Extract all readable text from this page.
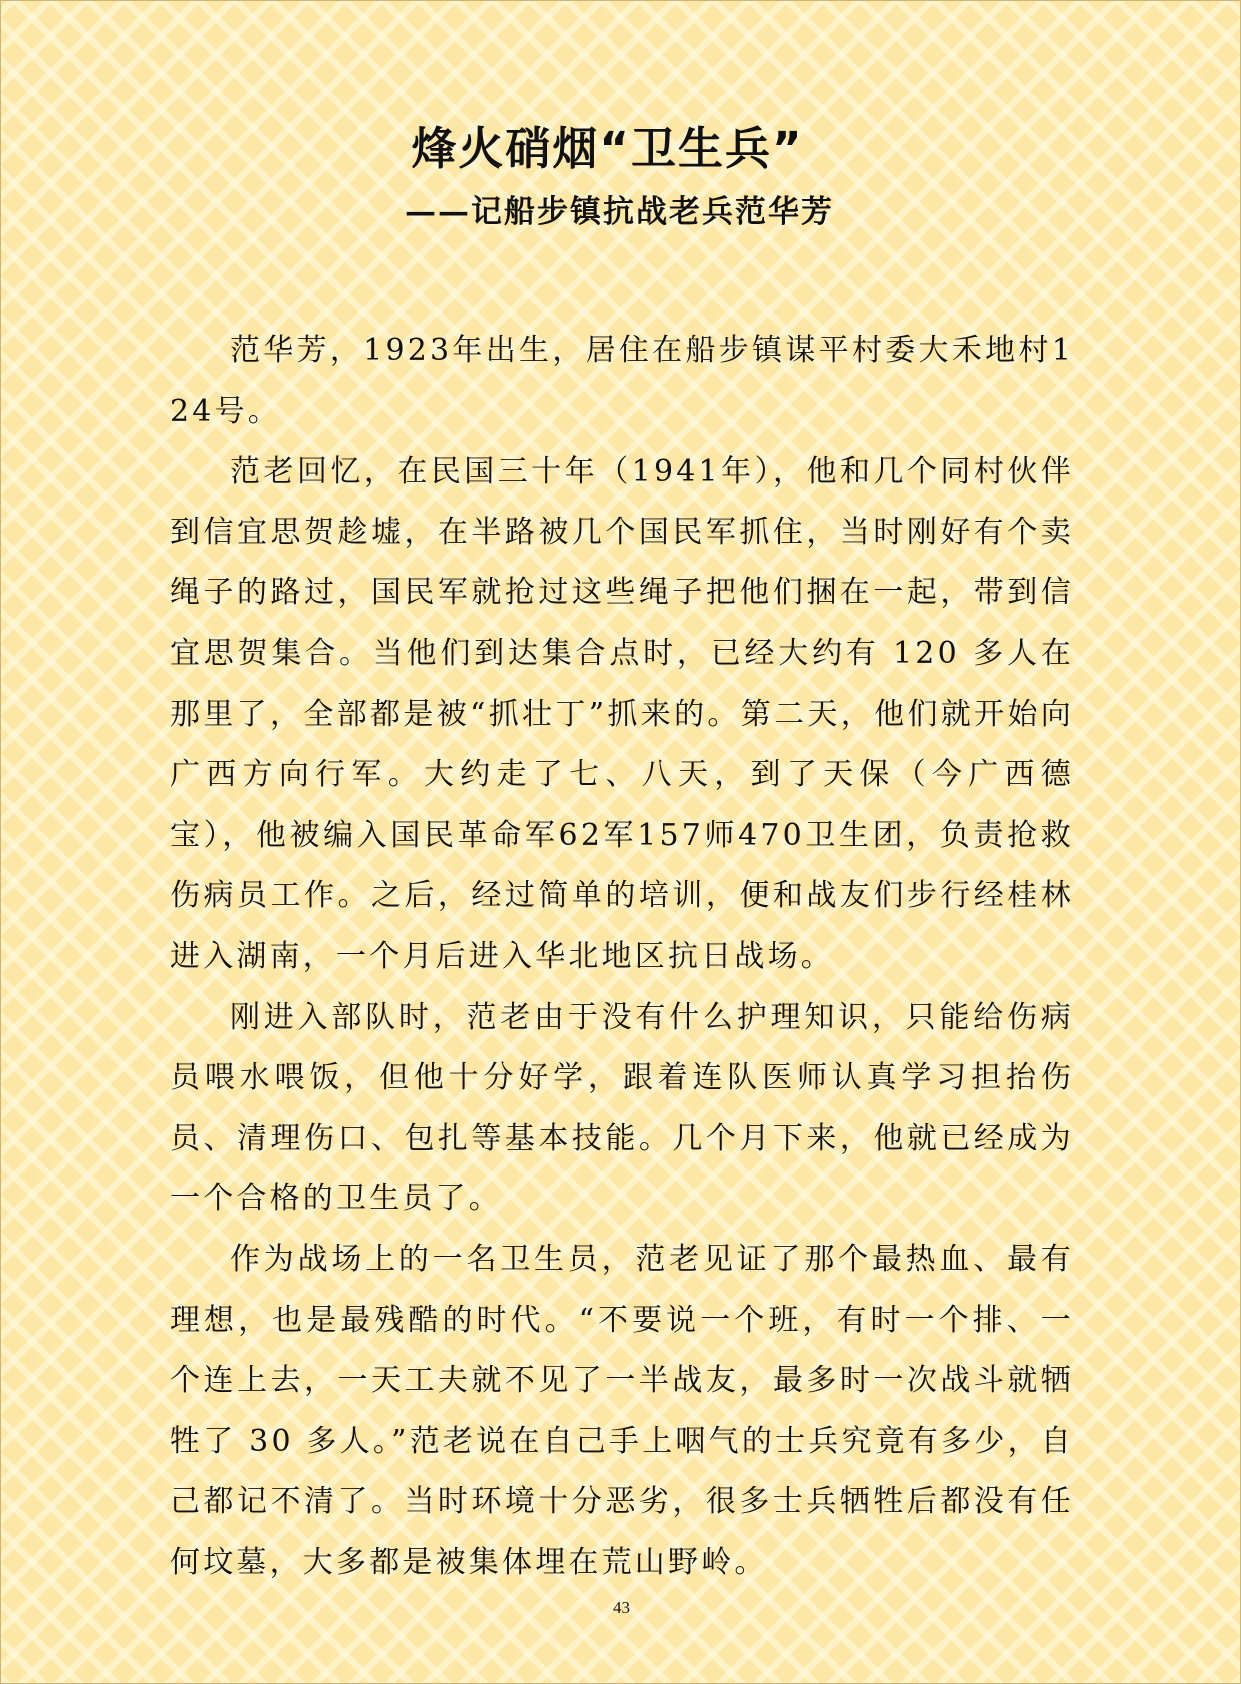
烽火硝烟“卫生兵”
——记船步镇抗战老兵范华芳

范华芳，1923年出生，居住在船步镇谋平村委大禾地村124号。

范老回忆，在民国三十年（1941年），他和几个同村伙伴到信宜思贺趁墟，在半路被几个国民军抓住，当时刚好有个卖绳子的路过，国民军就抢过这些绳子把他们捆在一起，带到信宜思贺集合。当他们到达集合点时，已经大约有 120 多人在那里了，全部都是被“抓壮丁”抓来的。第二天，他们就开始向广西方向行军。大约走了七、八天，到了天保（今广西德宝），他被编入国民革命军62军157师470卫生团，负责抢救伤病员工作。之后，经过简单的培训，便和战友们步行经桂林进入湖南，一个月后进入华北地区抗日战场。

刚进入部队时，范老由于没有什么护理知识，只能给伤病员喂水喂饭，但他十分好学，跟着连队医师认真学习担抬伤员、清理伤口、包扎等基本技能。几个月下来，他就已经成为一个合格的卫生员了。

作为战场上的一名卫生员，范老见证了那个最热血、最有理想，也是最残酷的时代。“不要说一个班，有时一个排、一个连上去，一天工夫就不见了一半战友，最多时一次战斗就牺牲了 30 多人。”范老说在自己手上咽气的士兵究竟有多少，自己都记不清了。当时环境十分恶劣，很多士兵牺牲后都没有任何坟墓，大多都是被集体埋在荒山野岭。

43
